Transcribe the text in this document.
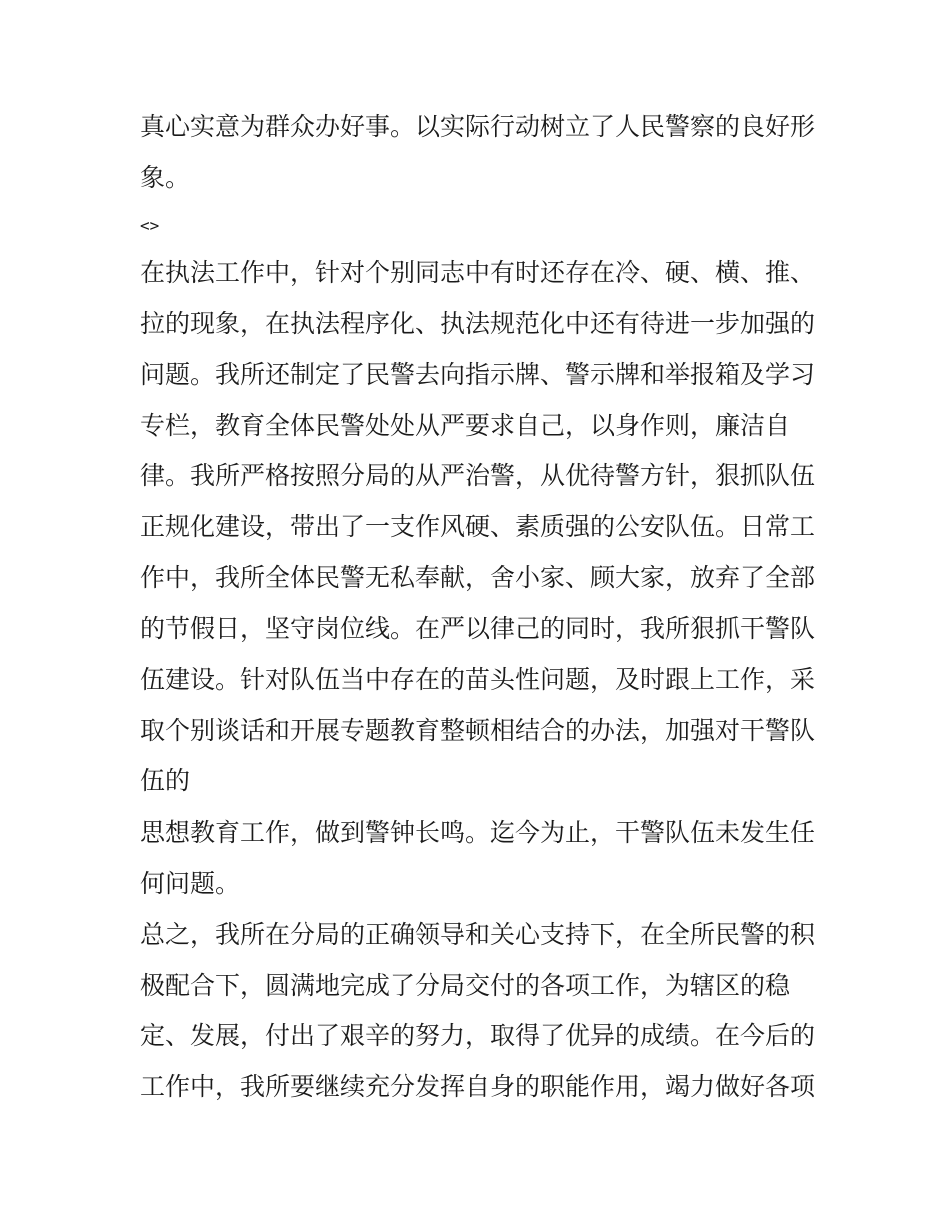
真心实意为群众办好事。以实际行动树立了人民警察的良好形
象。
<>
在执法工作中，针对个别同志中有时还存在冷、硬、横、推、
拉的现象，在执法程序化、执法规范化中还有待进一步加强的
问题。我所还制定了民警去向指示牌、警示牌和举报箱及学习
专栏，教育全体民警处处从严要求自己，以身作则，廉洁自
律。我所严格按照分局的从严治警，从优待警方针，狠抓队伍
正规化建设，带出了一支作风硬、素质强的公安队伍。日常工
作中，我所全体民警无私奉献，舍小家、顾大家，放弃了全部
的节假日，坚守岗位线。在严以律己的同时，我所狠抓干警队
伍建设。针对队伍当中存在的苗头性问题，及时跟上工作，采
取个别谈话和开展专题教育整顿相结合的办法，加强对干警队
伍的
思想教育工作，做到警钟长鸣。迄今为止，干警队伍未发生任
何问题。
总之，我所在分局的正确领导和关心支持下，在全所民警的积
极配合下，圆满地完成了分局交付的各项工作，为辖区的稳
定、发展，付出了艰辛的努力，取得了优异的成绩。在今后的
工作中，我所要继续充分发挥自身的职能作用，竭力做好各项
